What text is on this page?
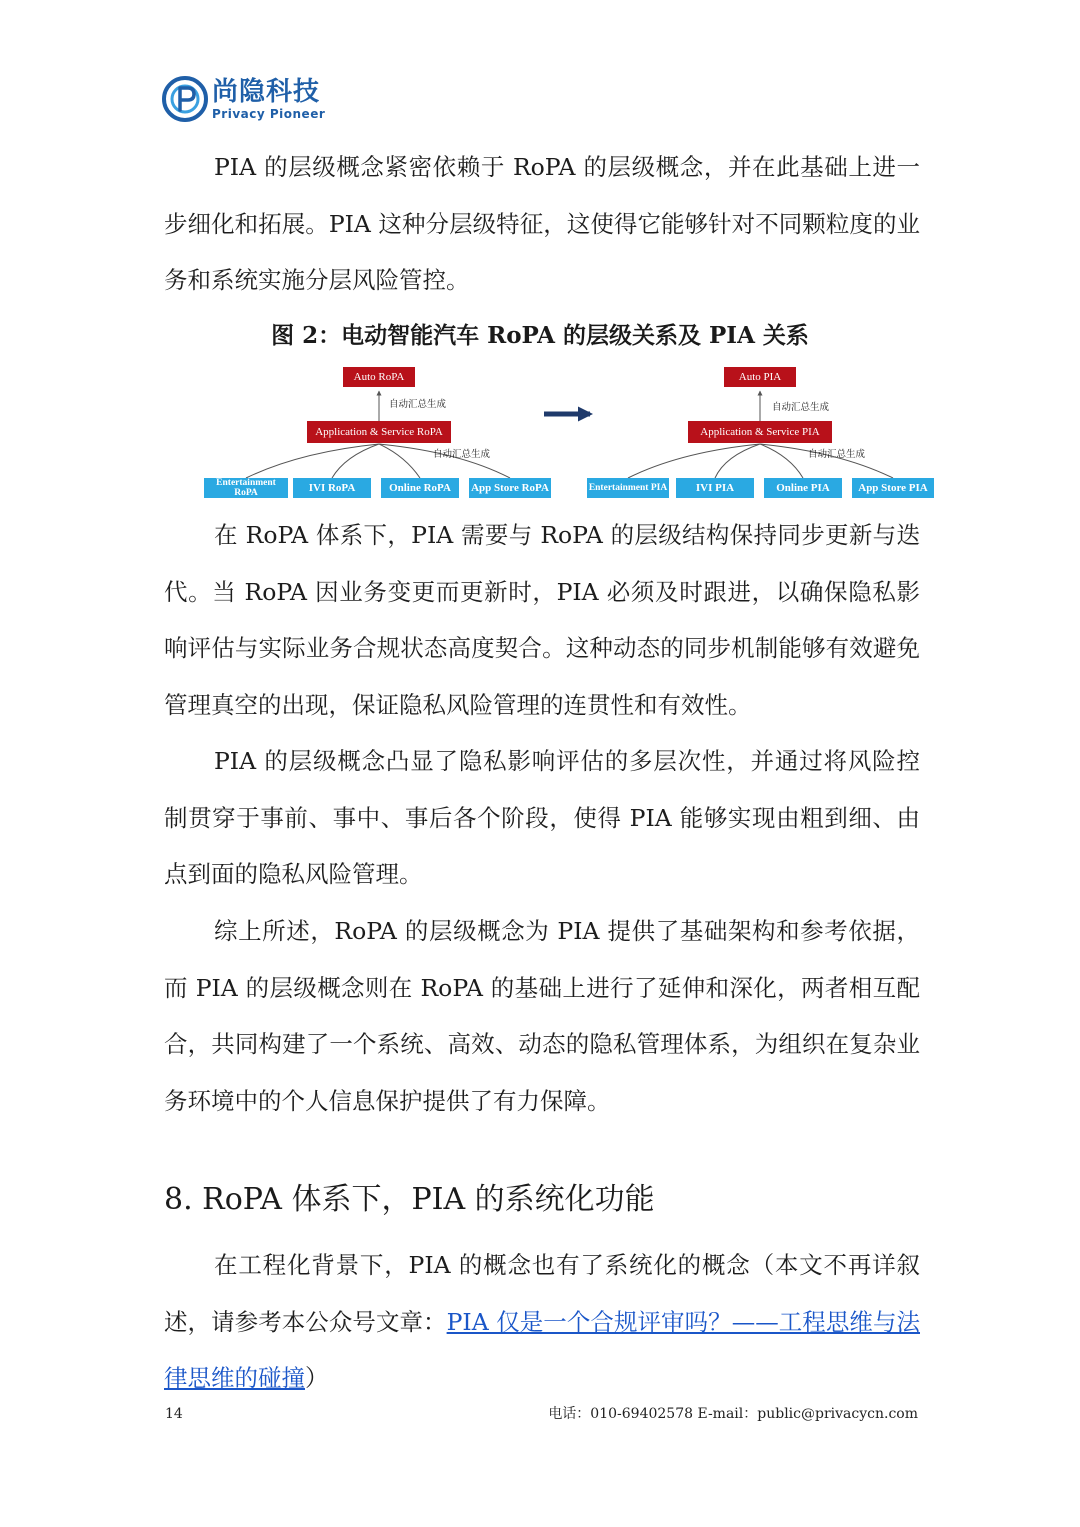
尚隐科技
Privacy Pioneer

PIA 的层级概念紧密依赖于 RoPA 的层级概念，并在此基础上进一步细化和拓展。PIA 这种分层级特征，这使得它能够针对不同颗粒度的业务和系统实施分层风险管控。

图 2：电动智能汽车 RoPA 的层级关系及 PIA 关系
Auto RoPA
自动汇总生成
Application & Service RoPA
自动汇总生成
Entertainment RoPA	IVI RoPA	Online RoPA	App Store RoPA
Auto PIA
自动汇总生成
Application & Service PIA
自动汇总生成
Entertainment PIA	IVI PIA	Online PIA	App Store PIA

在 RoPA 体系下，PIA 需要与 RoPA 的层级结构保持同步更新与迭代。当 RoPA 因业务变更而更新时，PIA 必须及时跟进，以确保隐私影响评估与实际业务合规状态高度契合。这种动态的同步机制能够有效避免管理真空的出现，保证隐私风险管理的连贯性和有效性。

PIA 的层级概念凸显了隐私影响评估的多层次性，并通过将风险控制贯穿于事前、事中、事后各个阶段，使得 PIA 能够实现由粗到细、由点到面的隐私风险管理。

综上所述，RoPA 的层级概念为 PIA 提供了基础架构和参考依据，而 PIA 的层级概念则在 RoPA 的基础上进行了延伸和深化，两者相互配合，共同构建了一个系统、高效、动态的隐私管理体系，为组织在复杂业务环境中的个人信息保护提供了有力保障。

8. RoPA 体系下，PIA 的系统化功能

在工程化背景下，PIA 的概念也有了系统化的概念（本文不再详叙述，请参考本公众号文章：PIA 仅是一个合规评审吗？——工程思维与法律思维的碰撞）

14	电话：010-69402578 E-mail：public@privacycn.com
